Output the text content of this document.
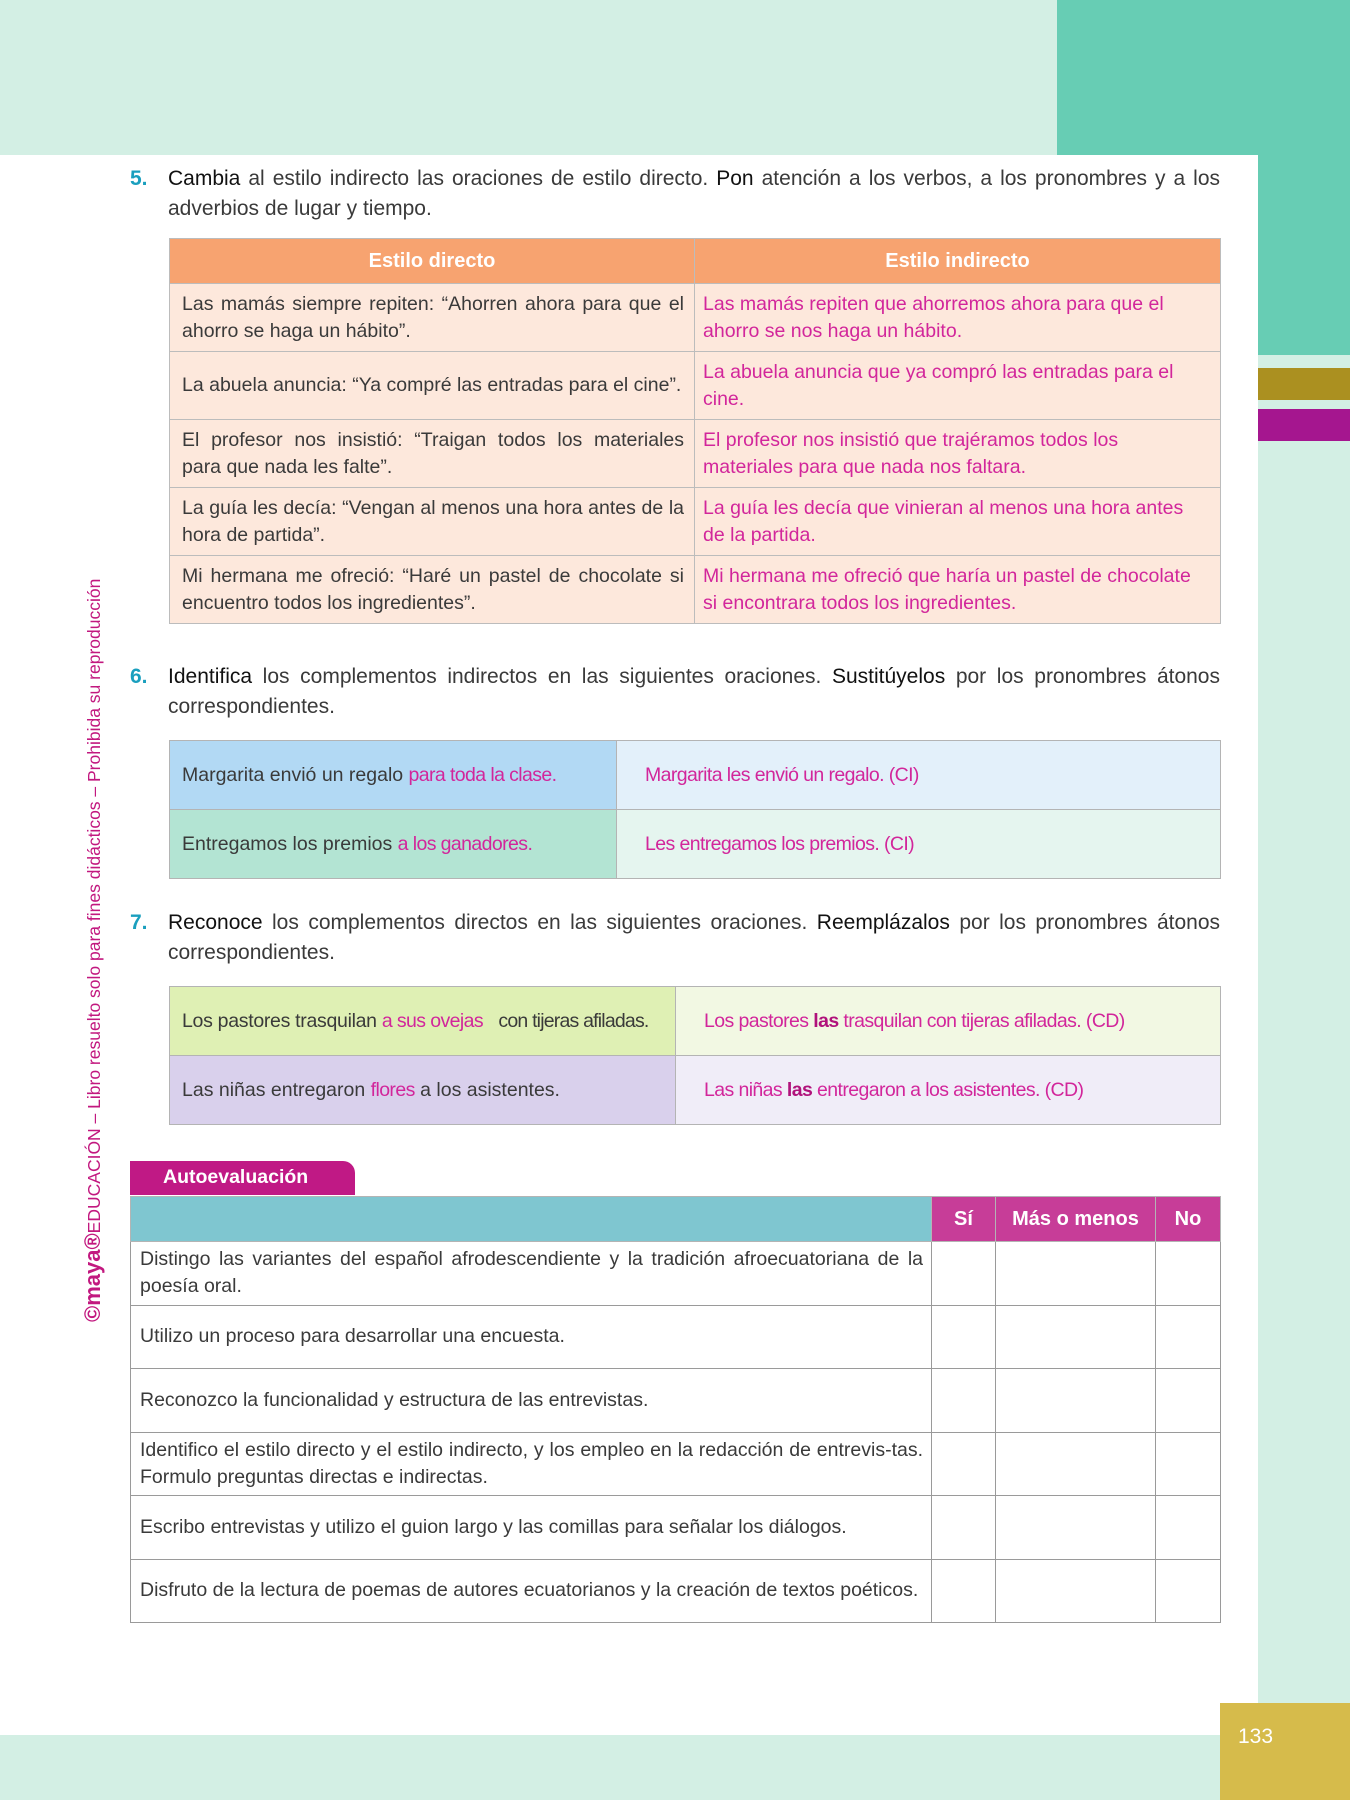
133
©maya®EDUCACIÓN – Libro resuelto solo para fines didácticos – Prohibida su reproducción
5. Cambia al estilo indirecto las oraciones de estilo directo. Pon atención a los verbos, a los pronombres y a los adverbios de lugar y tiempo.
Estilo directo	Estilo indirecto
Las mamás siempre repiten: “Ahorren ahora para que el ahorro se haga un hábito”.	Las mamás repiten que ahorremos ahora para que el ahorro se nos haga un hábito.
La abuela anuncia: “Ya compré las entradas para el cine”.	La abuela anuncia que ya compró las entradas para el cine.
El profesor nos insistió: “Traigan todos los materiales para que nada les falte”.	El profesor nos insistió que trajéramos todos los materiales para que nada nos faltara.
La guía les decía: “Vengan al menos una hora antes de la hora de partida”.	La guía les decía que vinieran al menos una hora antes de la partida.
Mi hermana me ofreció: “Haré un pastel de chocolate si encuentro todos los ingredientes”.	Mi hermana me ofreció que haría un pastel de chocolate si encontrara todos los ingredientes.
6. Identifica los complementos indirectos en las siguientes oraciones. Sustitúyelos por los pronombres átonos correspondientes.
Margarita envió un regalo para toda la clase.	Margarita les envió un regalo. (CI)
Entregamos los premios a los ganadores.	Les entregamos los premios. (CI)
7. Reconoce los complementos directos en las siguientes oraciones. Reemplázalos por los pronombres átonos correspondientes.
Los pastores trasquilan a sus ovejas con tijeras afiladas.	Los pastores las trasquilan con tijeras afiladas. (CD)
Las niñas entregaron flores a los asistentes.	Las niñas las entregaron a los asistentes. (CD)
Autoevaluación
	Sí	Más o menos	No
Distingo las variantes del español afrodescendiente y la tradición afroecuatoriana de la poesía oral.			
Utilizo un proceso para desarrollar una encuesta.			
Reconozco la funcionalidad y estructura de las entrevistas.			
Identifico el estilo directo y el estilo indirecto, y los empleo en la redacción de entrevis-tas. Formulo preguntas directas e indirectas.			
Escribo entrevistas y utilizo el guion largo y las comillas para señalar los diálogos.			
Disfruto de la lectura de poemas de autores ecuatorianos y la creación de textos poéticos.			
